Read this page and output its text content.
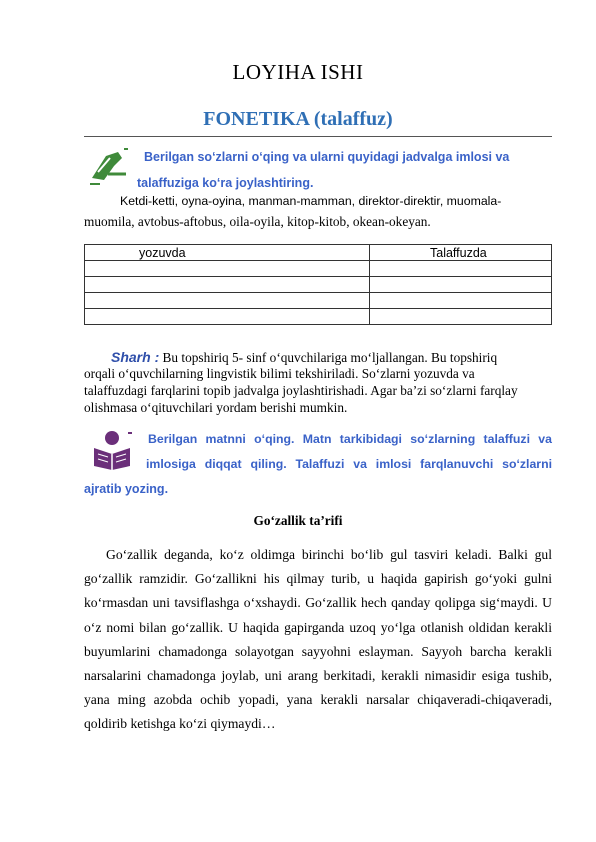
LOYIHA ISHI
FONETIKA (talaffuz)
Berilgan so‘zlarni o‘qing va ularni quyidagi jadvalga imlosi va
talaffuziga ko‘ra joylashtiring.
Ketdi-ketti, oyna-oyina, manman-mamman, direktor-direktir, muomala-
muomila, avtobus-aftobus, oila-oyila, kitop-kitob, okean-okeyan.
yozuvda	Talaffuzda

Sharh : Bu topshiriq 5- sinf o‘quvchilariga mo‘ljallangan. Bu topshiriq
orqali o‘quvchilarning lingvistik bilimi tekshiriladi. So‘zlarni yozuvda va
talaffuzdagi farqlarini topib jadvalga joylashtirishadi. Agar ba’zi so‘zlarni farqlay
olishmasa o‘qituvchilari yordam berishi mumkin.
Berilgan matnni o‘qing. Matn tarkibidagi so‘zlarning talaffuzi va
imlosiga diqqat qiling. Talaffuzi va imlosi farqlanuvchi so‘zlarni
ajratib yozing.
Go‘zallik ta’rifi
Go‘zallik deganda, ko‘z oldimga birinchi bo‘lib gul tasviri keladi. Balki gul
go‘zallik ramzidir. Go‘zallikni his qilmay turib, u haqida gapirish go‘yoki gulni
ko‘rmasdan uni tavsiflashga o‘xshaydi. Go‘zallik hech qanday qolipga sig‘maydi. U
o‘z nomi bilan go‘zallik. U haqida gapirganda uzoq yo‘lga otlanish oldidan kerakli
buyumlarini chamadonga solayotgan sayyohni eslayman. Sayyoh barcha kerakli
narsalarini chamadonga joylab, uni arang berkitadi, kerakli nimasidir esiga tushib,
yana ming azobda ochib yopadi, yana kerakli narsalar chiqaveradi-chiqaveradi,
qoldirib ketishga ko‘zi qiymaydi…
